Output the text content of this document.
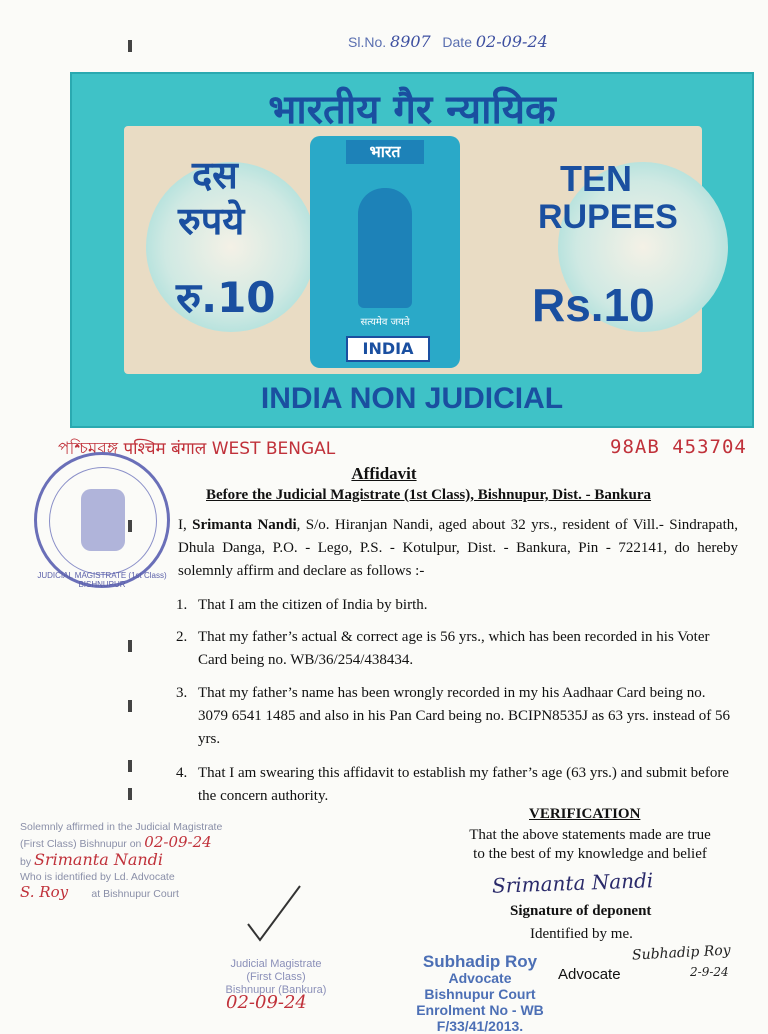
Sl.No. 8907 Date 02-09-24
भारतीय गैर न्यायिक
दस
रुपये
रु.10
TEN
RUPEES
Rs.10
भारत
सत्यमेव जयते
INDIA
INDIA NON JUDICIAL
পশ্চিমবঙ্গ पश्चिम बंगाल WEST BENGAL	98AB 453704
JUDICIAL MAGISTRATE (1st Class) BISHNUPUR
Affidavit
Before the Judicial Magistrate (1st Class), Bishnupur, Dist. - Bankura
I, Srimanta Nandi, S/o. Hiranjan Nandi, aged about 32 yrs., resident of Vill.- Sindrapath, Dhula Danga, P.O. - Lego, P.S. - Kotulpur, Dist. - Bankura, Pin - 722141, do hereby solemnly affirm and declare as follows :-
1. That I am the citizen of India by birth.
2. That my father’s actual & correct age is 56 yrs., which has been recorded in his Voter Card being no. WB/36/254/438434.
3. That my father’s name has been wrongly recorded in my his Aadhaar Card being no. 3079 6541 1485 and also in his Pan Card being no. BCIPN8535J as 63 yrs. instead of 56 yrs.
4. That I am swearing this affidavit to establish my father’s age (63 yrs.) and submit before the concern authority.
VERIFICATION
That the above statements made are true
to the best of my knowledge and belief
Srimanta Nandi
Signature of deponent
Identified by me.
Subhadip Roy
2-9-24
Subhadip Roy
Advocate
Bishnupur Court
Enrolment No - WB F/33/41/2013.
Advocate
Solemnly affirmed in the Judicial Magistrate
(First Class) Bishnupur on 02-09-24
by Srimanta Nandi
Who is identified by Ld. Advocate
S. Roy at Bishnupur Court
Judicial Magistrate
(First Class)
Bishnupur (Bankura)
02-09-24
